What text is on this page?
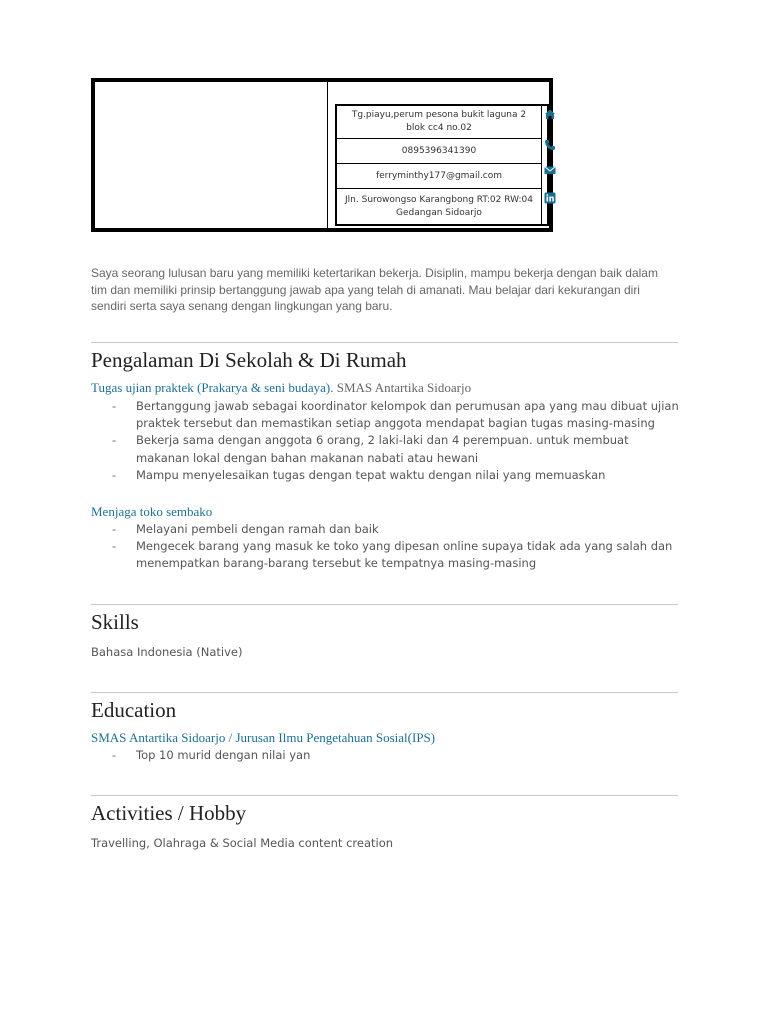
Tg.piayu,perum pesona bukit laguna 2 blok cc4 no.02
0895396341390
ferryminthy177@gmail.com
Jln. Surowongso Karangbong RT:02 RW:04 Gedangan Sidoarjo
Saya seorang lulusan baru yang memiliki ketertarikan bekerja. Disiplin, mampu bekerja dengan baik dalam tim dan memiliki prinsip bertanggung jawab apa yang telah di amanati. Mau belajar dari kekurangan diri sendiri serta saya senang dengan lingkungan yang baru.
Pengalaman Di Sekolah & Di Rumah
Tugas ujian praktek (Prakarya & seni budaya). SMAS Antartika Sidoarjo
- Bertanggung jawab sebagai koordinator kelompok dan perumusan apa yang mau dibuat ujian praktek tersebut dan memastikan setiap anggota mendapat bagian tugas masing-masing
- Bekerja sama dengan anggota 6 orang, 2 laki-laki dan 4 perempuan. untuk membuat makanan lokal dengan bahan makanan nabati atau hewani
- Mampu menyelesaikan tugas dengan tepat waktu dengan nilai yang memuaskan
Menjaga toko sembako
- Melayani pembeli dengan ramah dan baik
- Mengecek barang yang masuk ke toko yang dipesan online supaya tidak ada yang salah dan menempatkan barang-barang tersebut ke tempatnya masing-masing
Skills
Bahasa Indonesia (Native)
Education
SMAS Antartika Sidoarjo / Jurusan Ilmu Pengetahuan Sosial(IPS)
- Top 10 murid dengan nilai yan
Activities / Hobby
Travelling, Olahraga & Social Media content creation
